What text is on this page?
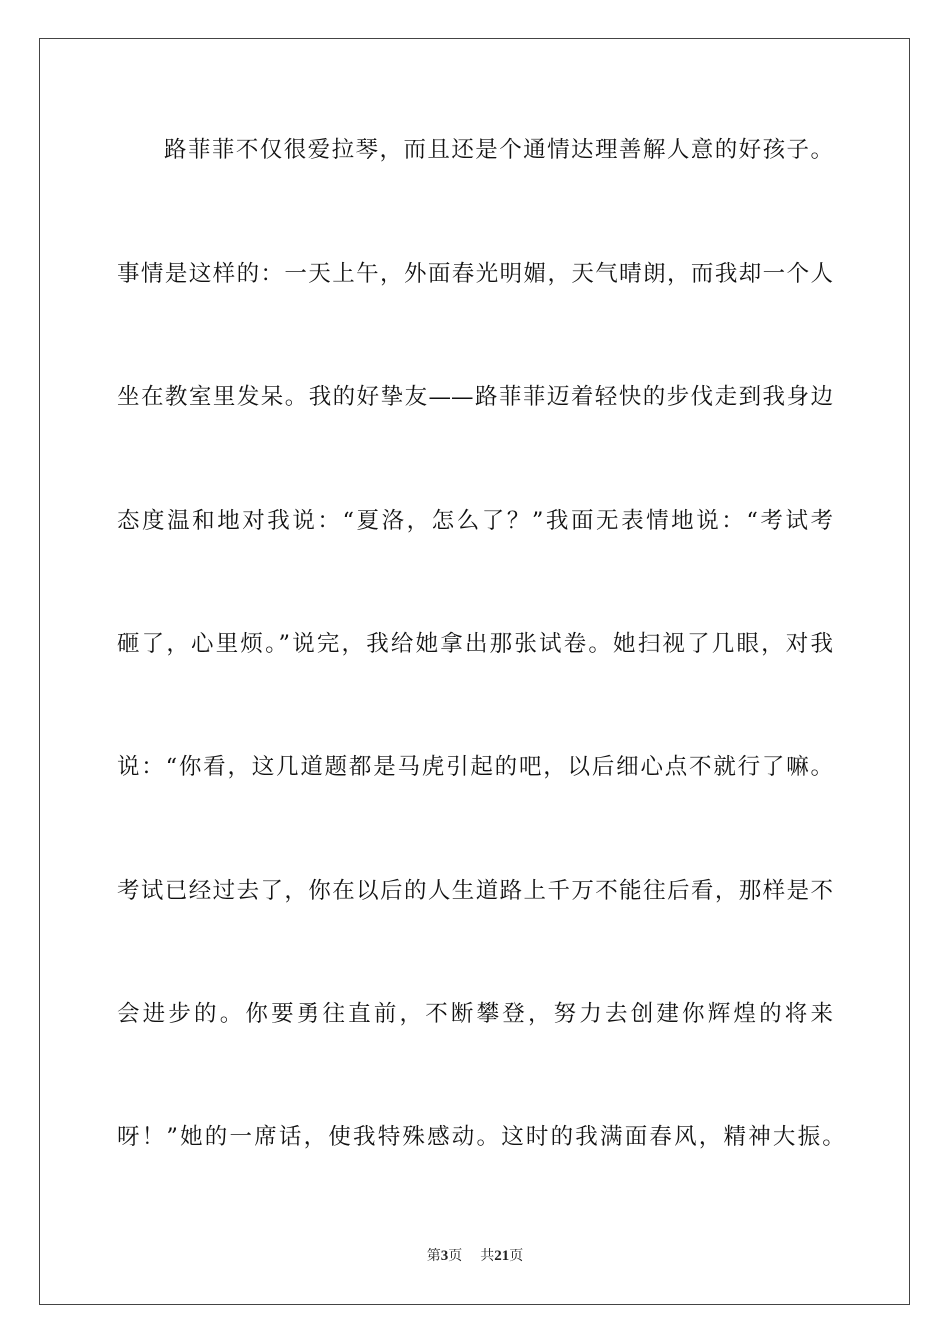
路菲菲不仅很爱拉琴，而且还是个通情达理善解人意的好孩子。
事情是这样的：一天上午，外面春光明媚，天气晴朗，而我却一个人
坐在教室里发呆。我的好挚友——路菲菲迈着轻快的步伐走到我身边
态度温和地对我说：“夏洛，怎么了？”我面无表情地说：“考试考
砸了，心里烦。”说完，我给她拿出那张试卷。她扫视了几眼，对我
说：“你看，这几道题都是马虎引起的吧，以后细心点不就行了嘛。
考试已经过去了，你在以后的人生道路上千万不能往后看，那样是不
会进步的。你要勇往直前，不断攀登，努力去创建你辉煌的将来
呀！”她的一席话，使我特殊感动。这时的我满面春风，精神大振。
第3页 共21页
